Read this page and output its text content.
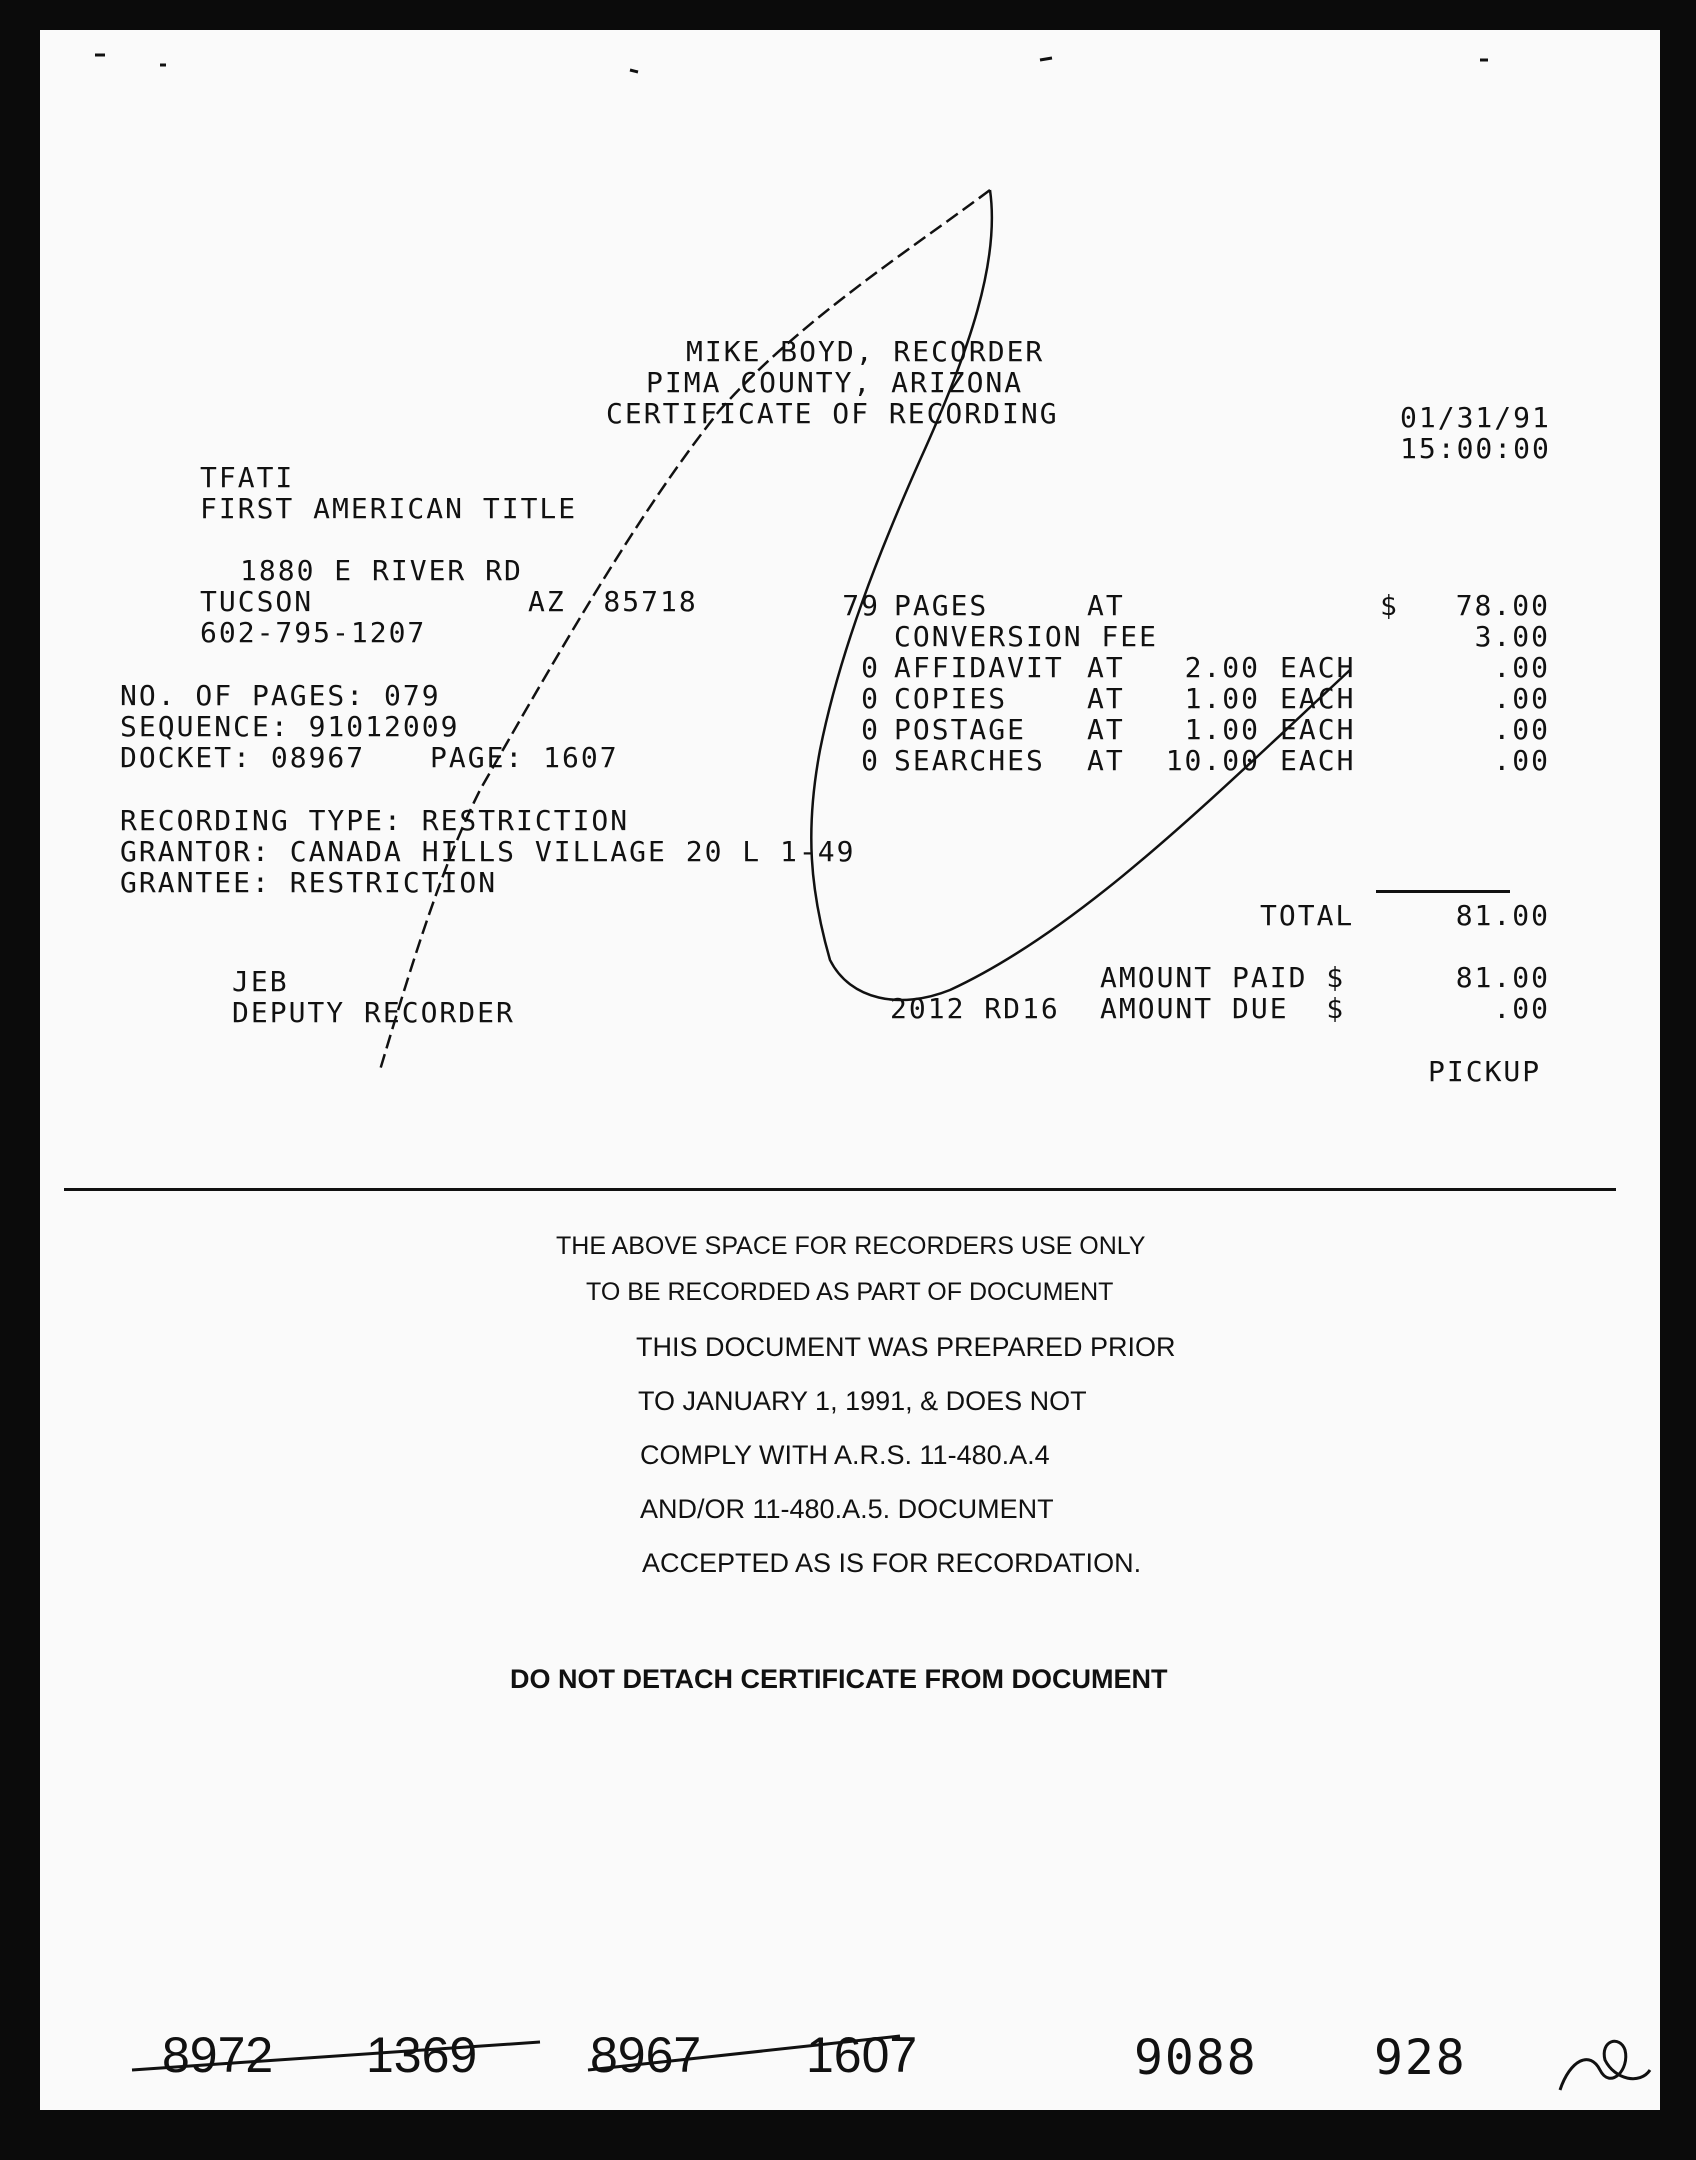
MIKE BOYD, RECORDER
PIMA COUNTY, ARIZONA
CERTIFICATE OF RECORDING	01/31/91
15:00:00
TFATI
FIRST AMERICAN TITLE
1880 E RIVER RD
TUCSON	AZ  85718
602-795-1207
NO. OF PAGES: 079
SEQUENCE: 91012009
DOCKET: 08967 PAGE: 1607
RECORDING TYPE: RESTRICTION
GRANTOR: CANADA HILLS VILLAGE 20 L 1-49
GRANTEE: RESTRICTION
JEB
DEPUTY RECORDER
79 PAGES	AT	$	78.00
CONVERSION FEE	3.00
0 AFFIDAVIT AT	2.00 EACH	.00
0 COPIES	AT	1.00 EACH	.00
0 POSTAGE AT	1.00 EACH	.00
0 SEARCHES AT	10.00 EACH	.00
TOTAL	81.00
AMOUNT PAID $	81.00
2012 RD16 AMOUNT DUE  $	.00
PICKUP
THE ABOVE SPACE FOR RECORDERS USE ONLY
TO BE RECORDED AS PART OF DOCUMENT
THIS DOCUMENT WAS PREPARED PRIOR
TO JANUARY 1, 1991, & DOES NOT
COMPLY WITH A.R.S. 11-480.A.4
AND/OR 11-480.A.5. DOCUMENT
ACCEPTED AS IS FOR RECORDATION.
DO NOT DETACH CERTIFICATE FROM DOCUMENT
8972 1369 8967 1607	9088 928
